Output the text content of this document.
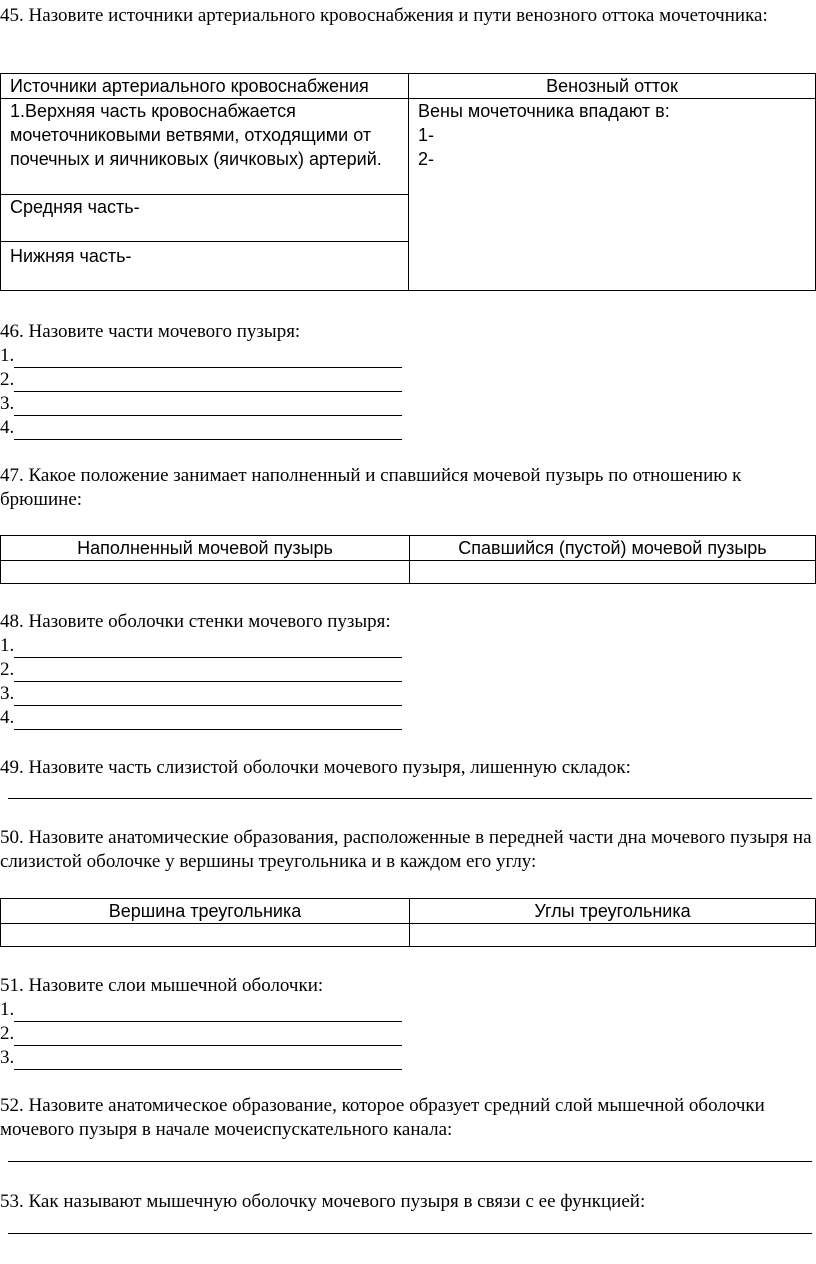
45. Назовите источники артериального кровоснабжения и пути венозного оттока мочеточника:

Источники артериального кровоснабжения	Венозный отток
1.Верхняя часть кровоснабжается мочеточниковыми ветвями, отходящими от почечных и яичниковых (яичковых) артерий.	Вены мочеточника впадают в:
1-
2-

Средняя часть-	
Нижняя часть-	

46. Назовите части мочевого пузыря:

1.
2.
3.
4.

47. Какое положение занимает наполненный и спавшийся мочевой пузырь по отношению к брюшине:

Наполненный мочевой пузырь	Спавшийся (пустой) мочевой пузырь

48. Назовите оболочки стенки мочевого пузыря:

1.
2.
3.
4.

49. Назовите часть слизистой оболочки мочевого пузыря, лишенную складок:

50. Назовите анатомические образования, расположенные в передней части дна мочевого пузыря на слизистой оболочке у вершины треугольника и в каждом его углу:

Вершина треугольника	Углы треугольника

51. Назовите слои мышечной оболочки:

1.
2.
3.

52. Назовите анатомическое образование, которое образует средний слой мышечной оболочки мочевого пузыря в начале мочеиспускательного канала:

53. Как называют мышечную оболочку мочевого пузыря в связи с ее функцией:
